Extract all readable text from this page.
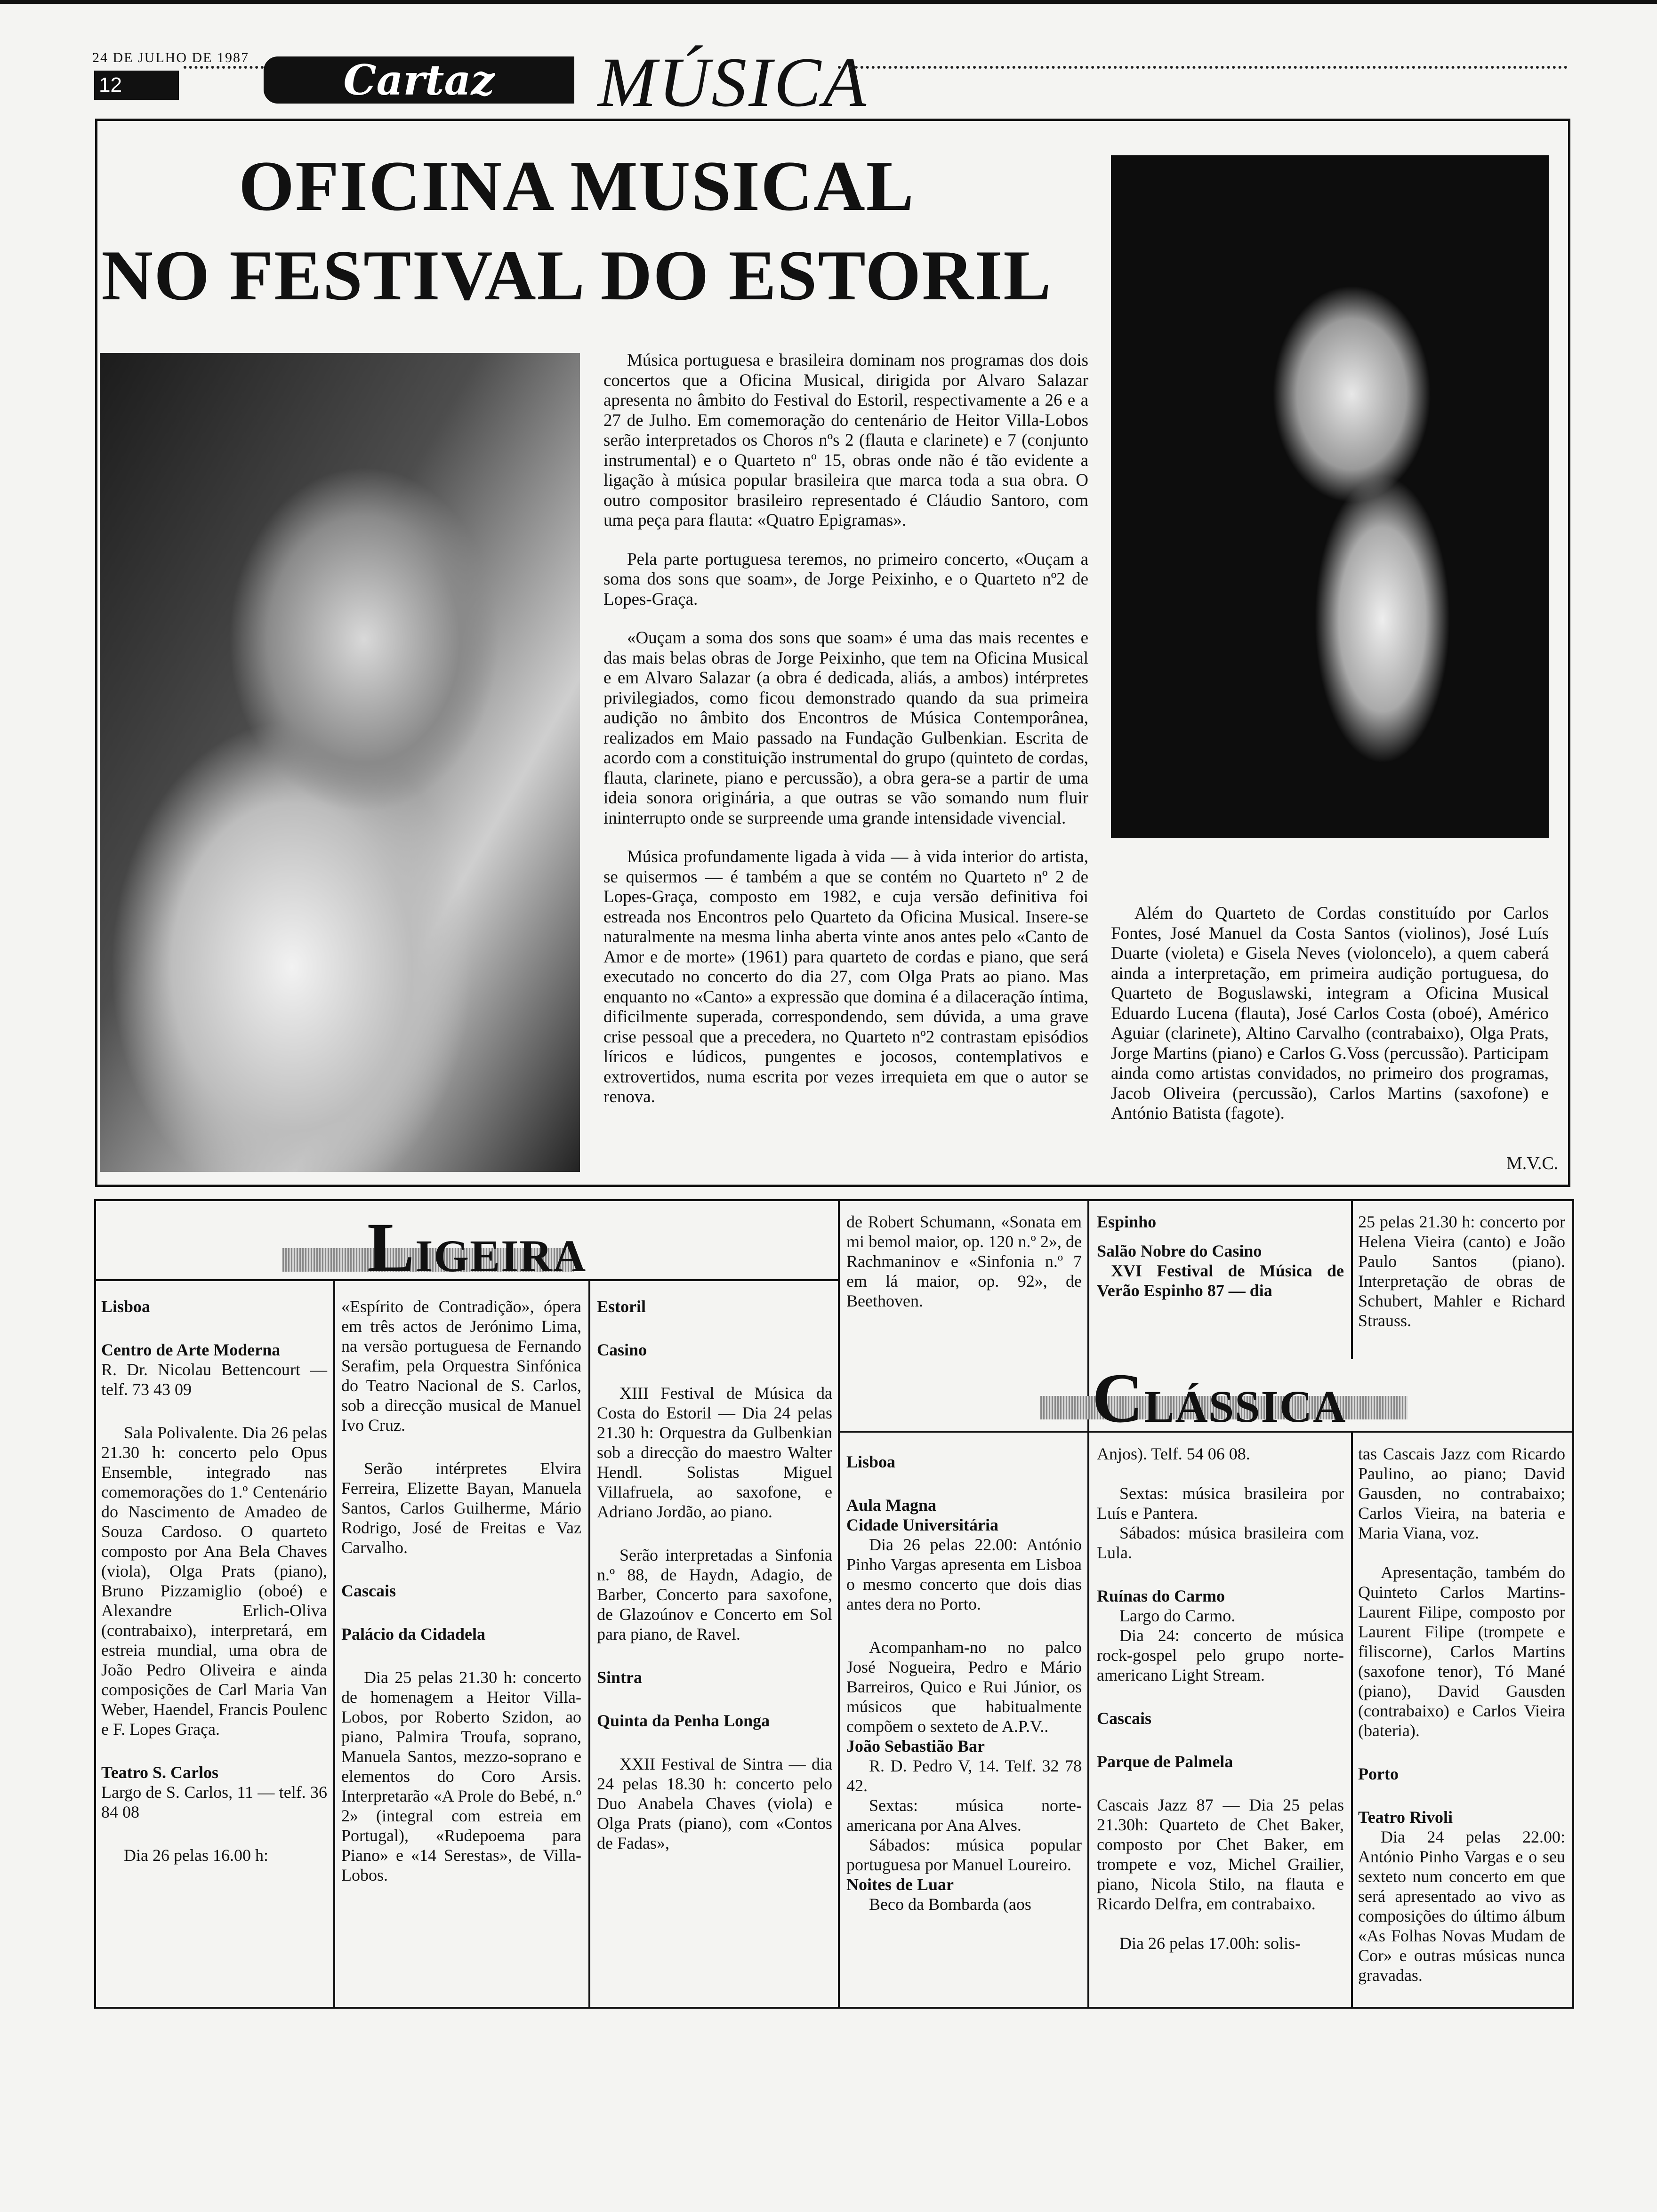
24 DE JULHO DE 1987
12	Cartaz	MÚSICA
OFICINA MUSICAL
NO FESTIVAL DO ESTORIL

Música portuguesa e brasileira dominam nos programas dos dois concertos que a Oficina Musical, dirigida por Alvaro Salazar apresenta no âmbito do Festival do Estoril, respectivamente a 26 e a 27 de Julho. Em comemoração do centenário de Heitor Villa-Lobos serão interpretados os Choros nºs 2 (flauta e clarinete) e 7 (conjunto instrumental) e o Quarteto nº 15, obras onde não é tão evidente a ligação à música popular brasileira que marca toda a sua obra. O outro compositor brasileiro representado é Cláudio Santoro, com uma peça para flauta: «Quatro Epigramas».

Pela parte portuguesa teremos, no primeiro concerto, «Ouçam a soma dos sons que soam», de Jorge Peixinho, e o Quarteto nº2 de Lopes-Graça.

«Ouçam a soma dos sons que soam» é uma das mais recentes e das mais belas obras de Jorge Peixinho, que tem na Oficina Musical e em Alvaro Salazar (a obra é dedicada, aliás, a ambos) intérpretes privilegiados, como ficou demonstrado quando da sua primeira audição no âmbito dos Encontros de Música Contemporânea, realizados em Maio passado na Fundação Gulbenkian. Escrita de acordo com a constituição instrumental do grupo (quinteto de cordas, flauta, clarinete, piano e percussão), a obra gera-se a partir de uma ideia sonora originária, a que outras se vão somando num fluir ininterrupto onde se surpreende uma grande intensidade vivencial.

Música profundamente ligada à vida — à vida interior do artista, se quisermos — é também a que se contém no Quarteto nº 2 de Lopes-Graça, composto em 1982, e cuja versão definitiva foi estreada nos Encontros pelo Quarteto da Oficina Musical. Insere-se naturalmente na mesma linha aberta vinte anos antes pelo «Canto de Amor e de morte» (1961) para quarteto de cordas e piano, que será executado no concerto do dia 27, com Olga Prats ao piano. Mas enquanto no «Canto» a expressão que domina é a dilaceração íntima, dificilmente superada, correspondendo, sem dúvida, a uma grave crise pessoal que a precedera, no Quarteto nº2 contrastam episódios líricos e lúdicos, pungentes e jocosos, contemplativos e extrovertidos, numa escrita por vezes irrequieta em que o autor se renova.

Além do Quarteto de Cordas constituído por Carlos Fontes, José Manuel da Costa Santos (violinos), José Luís Duarte (violeta) e Gisela Neves (violoncelo), a quem caberá ainda a interpretação, em primeira audição portuguesa, do Quarteto de Boguslawski, integram a Oficina Musical Eduardo Lucena (flauta), José Carlos Costa (oboé), Américo Aguiar (clarinete), Altino Carvalho (contrabaixo), Olga Prats, Jorge Martins (piano) e Carlos G.Voss (percussão). Participam ainda como artistas convidados, no primeiro dos programas, Jacob Oliveira (percussão), Carlos Martins (saxofone) e António Batista (fagote).

M.V.C.
LIGEIRA
CLÁSSICA

Lisboa

Centro de Arte Moderna

R. Dr. Nicolau Bettencourt — telf. 73 43 09

Sala Polivalente. Dia 26 pelas 21.30 h: concerto pelo Opus Ensemble, integrado nas comemorações do 1.º Centenário do Nascimento de Amadeo de Souza Cardoso. O quarteto composto por Ana Bela Chaves (viola), Olga Prats (piano), Bruno Pizzamiglio (oboé) e Alexandre Erlich-Oliva (contrabaixo), interpretará, em estreia mundial, uma obra de João Pedro Oliveira e ainda composições de Carl Maria Van Weber, Haendel, Francis Poulenc e F. Lopes Graça.

Teatro S. Carlos

Largo de S. Carlos, 11 — telf. 36 84 08

Dia 26 pelas 16.00 h:

«Espírito de Contradição», ópera em três actos de Jerónimo Lima, na versão portuguesa de Fernando Serafim, pela Orquestra Sinfónica do Teatro Nacional de S. Carlos, sob a direcção musical de Manuel Ivo Cruz.

Serão intérpretes Elvira Ferreira, Elizette Bayan, Manuela Santos, Carlos Guilherme, Mário Rodrigo, José de Freitas e Vaz Carvalho.

Cascais

Palácio da Cidadela

Dia 25 pelas 21.30 h: concerto de homenagem a Heitor Villa-Lobos, por Roberto Szidon, ao piano, Palmira Troufa, soprano, Manuela Santos, mezzo-soprano e elementos do Coro Arsis. Interpretarão «A Prole do Bebé, n.º 2» (integral com estreia em Portugal), «Rudepoema para Piano» e «14 Serestas», de Villa-Lobos.

Estoril

Casino

XIII Festival de Música da Costa do Estoril — Dia 24 pelas 21.30 h: Orquestra da Gulbenkian sob a direcção do maestro Walter Hendl. Solistas Miguel Villafruela, ao saxofone, e Adriano Jordão, ao piano.

Serão interpretadas a Sinfonia n.º 88, de Haydn, Adagio, de Barber, Concerto para saxofone, de Glazoúnov e Concerto em Sol para piano, de Ravel.

Sintra

Quinta da Penha Longa

XXII Festival de Sintra — dia 24 pelas 18.30 h: concerto pelo Duo Anabela Chaves (viola) e Olga Prats (piano), com «Contos de Fadas»,

de Robert Schumann, «Sonata em mi bemol maior, op. 120 n.º 2», de Rachmaninov e «Sinfonia n.º 7 em lá maior, op. 92», de Beethoven.

Lisboa

Aula Magna

Cidade Universitária

Dia 26 pelas 22.00: António Pinho Vargas apresenta em Lisboa o mesmo concerto que dois dias antes dera no Porto.

Acompanham-no no palco José Nogueira, Pedro e Mário Barreiros, Quico e Rui Júnior, os músicos que habitualmente compõem o sexteto de A.P.V..

João Sebastião Bar

R. D. Pedro V, 14. Telf. 32 78 42.

Sextas: música norte-americana por Ana Alves.

Sábados: música popular portuguesa por Manuel Loureiro.

Noites de Luar

Beco da Bombarda (aos

Espinho

Salão Nobre do Casino

XVI Festival de Música de Verão Espinho 87 — dia

Anjos). Telf. 54 06 08.

Sextas: música brasileira por Luís e Pantera.

Sábados: música brasileira com Lula.

Ruínas do Carmo

Largo do Carmo.

Dia 24: concerto de música rock-gospel pelo grupo norte-americano Light Stream.

Cascais

Parque de Palmela

Cascais Jazz 87 — Dia 25 pelas 21.30h: Quarteto de Chet Baker, composto por Chet Baker, em trompete e voz, Michel Grailier, piano, Nicola Stilo, na flauta e Ricardo Delfra, em contrabaixo.

Dia 26 pelas 17.00h: solis-

25 pelas 21.30 h: concerto por Helena Vieira (canto) e João Paulo Santos (piano). Interpretação de obras de Schubert, Mahler e Richard Strauss.

tas Cascais Jazz com Ricardo Paulino, ao piano; David Gausden, no contrabaixo; Carlos Vieira, na bateria e Maria Viana, voz.

Apresentação, também do Quinteto Carlos Martins-Laurent Filipe, composto por Laurent Filipe (trompete e filiscorne), Carlos Martins (saxofone tenor), Tó Mané (piano), David Gausden (contrabaixo) e Carlos Vieira (bateria).

Porto

Teatro Rivoli

Dia 24 pelas 22.00: António Pinho Vargas e o seu sexteto num concerto em que será apresentado ao vivo as composições do último álbum «As Folhas Novas Mudam de Cor» e outras músicas nunca gravadas.
